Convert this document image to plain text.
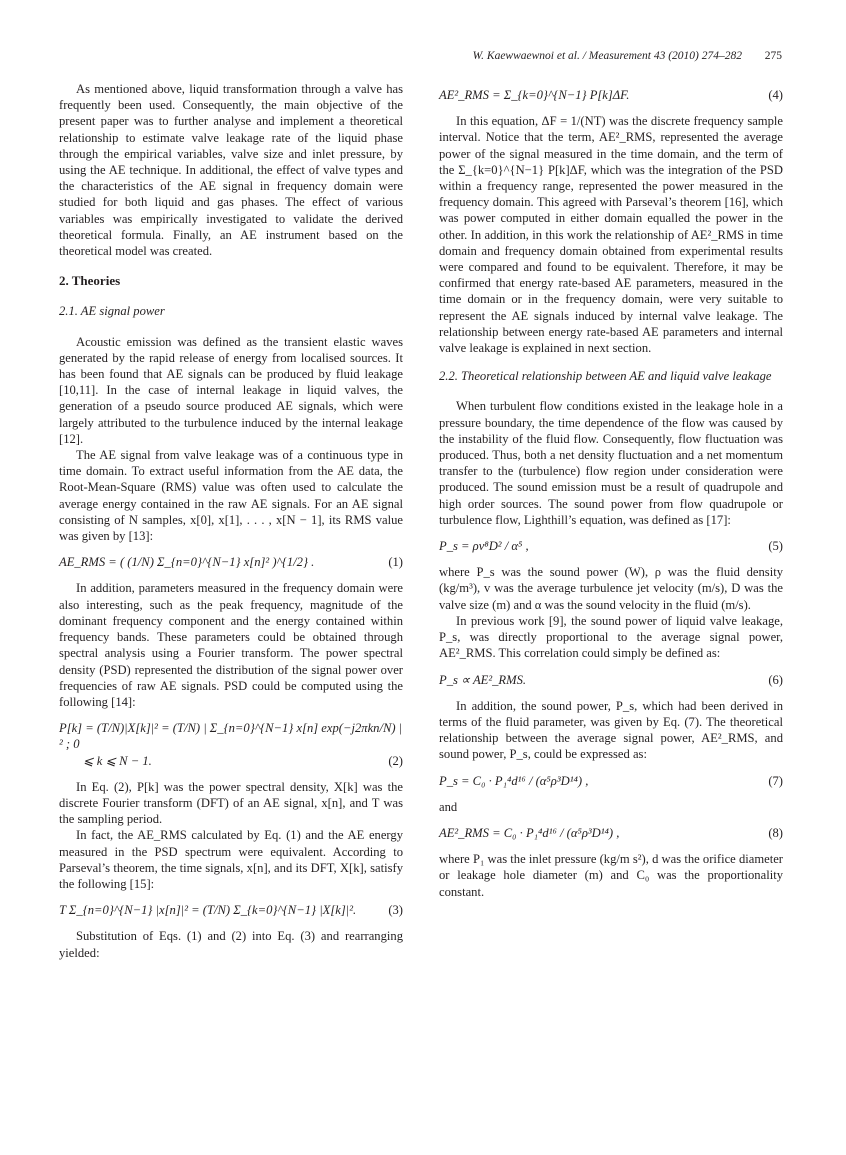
W. Kaewwaewnoi et al. / Measurement 43 (2010) 274–282 275

As mentioned above, liquid transformation through a valve has frequently been used. Consequently, the main objective of the present paper was to further analyse and implement a theoretical relationship to estimate valve leakage rate of the liquid phase through the empirical variables, valve size and inlet pressure, by using the AE technique. In additional, the effect of valve types and the characteristics of the AE signal in frequency domain were studied for both liquid and gas phases. The effect of various variables was empirically investigated to validate the derived theoretical formula. Finally, an AE instrument based on the theoretical model was created.

2. Theories
2.1. AE signal power

Acoustic emission was defined as the transient elastic waves generated by the rapid release of energy from localised sources. It has been found that AE signals can be produced by fluid leakage [10,11]. In the case of internal leakage in liquid valves, the generation of a pseudo source produced AE signals, which were largely attributed to the turbulence induced by the internal leakage [12].

The AE signal from valve leakage was of a continuous type in time domain. To extract useful information from the AE data, the Root-Mean-Square (RMS) value was often used to calculate the average energy contained in the raw AE signals. For an AE signal consisting of N samples, x[0], x[1], . . . , x[N − 1], its RMS value was given by [13]:

AE_RMS = ( (1/N) Σ_{n=0}^{N−1} x[n]² )^{1/2} .	(1)

In addition, parameters measured in the frequency domain were also interesting, such as the peak frequency, magnitude of the dominant frequency component and the energy contained within frequency bands. These parameters could be obtained through spectral analysis using a Fourier transform. The power spectral density (PSD) represented the distribution of the signal power over frequencies of raw AE signals. PSD could be computed using the following [14]:

P[k] = (T/N)|X[k]|² = (T/N) | Σ_{n=0}^{N−1} x[n] exp(−j2πkn/N) |² ; 0
⩽ k ⩽ N − 1.	(2)

In Eq. (2), P[k] was the power spectral density, X[k] was the discrete Fourier transform (DFT) of an AE signal, x[n], and T was the sampling period.

In fact, the AE_RMS calculated by Eq. (1) and the AE energy measured in the PSD spectrum were equivalent. According to Parseval’s theorem, the time signals, x[n], and its DFT, X[k], satisfy the following [15]:

T Σ_{n=0}^{N−1} |x[n]|² = (T/N) Σ_{k=0}^{N−1} |X[k]|².	(3)

Substitution of Eqs. (1) and (2) into Eq. (3) and rearranging yielded:

AE²_RMS = Σ_{k=0}^{N−1} P[k]ΔF.	(4)

In this equation, ΔF = 1/(NT) was the discrete frequency sample interval. Notice that the term, AE²_RMS, represented the average power of the signal measured in the time domain, and the term of the Σ_{k=0}^{N−1} P[k]ΔF, which was the integration of the PSD within a frequency range, represented the power measured in the frequency domain. This agreed with Parseval’s theorem [16], which was power computed in either domain equalled the power in the other. In addition, in this work the relationship of AE²_RMS in time domain and frequency domain obtained from experimental results were compared and found to be equivalent. Therefore, it may be confirmed that energy rate-based AE parameters, measured in the time domain or in the frequency domain, were very suitable to represent the AE signals induced by internal valve leakage. The relationship between energy rate-based AE parameters and internal valve leakage is explained in next section.

2.2. Theoretical relationship between AE and liquid valve leakage

When turbulent flow conditions existed in the leakage hole in a pressure boundary, the time dependence of the flow was caused by the instability of the fluid flow. Consequently, flow fluctuation was produced. Thus, both a net density fluctuation and a net momentum transfer to the (turbulence) flow region under consideration were produced. The sound emission must be a result of quadrupole and high order sources. The sound power from flow quadrupole or turbulence flow, Lighthill’s equation, was defined as [17]:

P_s = ρv⁸D² / α⁵ ,	(5)

where P_s was the sound power (W), ρ was the fluid density (kg/m³), v was the average turbulence jet velocity (m/s), D was the valve size (m) and α was the sound velocity in the fluid (m/s).

In previous work [9], the sound power of liquid valve leakage, P_s, was directly proportional to the average signal power, AE²_RMS. This correlation could simply be defined as:

P_s ∝ AE²_RMS.	(6)

In addition, the sound power, P_s, which had been derived in terms of the fluid parameter, was given by Eq. (7). The theoretical relationship between the average signal power, AE²_RMS, and sound power, P_s, could be expressed as:

P_s = C₀ · P₁⁴d¹⁶ / (α⁵ρ³D¹⁴) ,	(7)

and

AE²_RMS = C₀ · P₁⁴d¹⁶ / (α⁵ρ³D¹⁴) ,	(8)

where P₁ was the inlet pressure (kg/m s²), d was the orifice diameter or leakage hole diameter (m) and C₀ was the proportionality constant.
